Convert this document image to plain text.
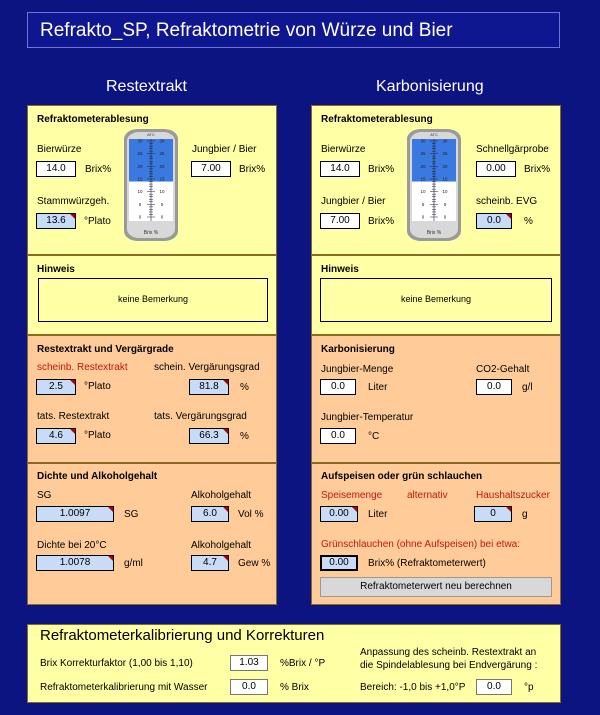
Refrakto_SP, Refraktometrie von Würze und Bier
Restextrakt	Karbonisierung
Refraktometerablesung
Bierwürze
14.0	Brix%
Jungbier / Bier
7.00	Brix%
Stammwürzgeh.
13.6	°Plato
30	30
25	25
20	20
15	15
10	10
5	5
0	0
ATC
Brix %
Hinweis
keine Bemerkung
Restextrakt und Vergärgrade
scheinb. Restextrakt
2.5	°Plato
schein. Vergärungsgrad
81.8	%
tats. Restextrakt
4.6	°Plato
tats. Vergärungsgrad
66.3	%
Dichte und Alkoholgehalt
SG
1.0097	SG
Alkoholgehalt
6.0	Vol %
Dichte bei 20°C
1.0078	g/ml
Alkoholgehalt
4.7	Gew %
Refraktometerablesung
Bierwürze
14.0	Brix%
Schnellgärprobe
0.00	Brix%
Jungbier / Bier
7.00	Brix%
scheinb. EVG
0.0	%
30	30
25	25
20	20
15	15
10	10
5	5
0	0
ATC
Brix %
Hinweis
keine Bemerkung
Karbonisierung
Jungbier-Menge
0.0	Liter
CO2-Gehalt
0.0	g/l
Jungbier-Temperatur
0.0	°C
Aufspeisen oder grün schlauchen
Speisemenge alternativ	Haushaltszucker
0.00	Liter	0	g
Grünschlauchen (ohne Aufspeisen) bei etwa:
0.00	Brix% (Refraktometerwert)
Refraktometerwert neu berechnen
Refraktometerkalibrierung und Korrekturen
Brix Korrekturfaktor (1,00 bis 1,10)	1.03	%Brix / °P
Refraktometerkalibrierung mit Wasser	0.0	% Brix
Anpassung des scheinb. Restextrakt an
die Spindelablesung bei Endvergärung :
Bereich: -1,0 bis +1,0°P	0.0	°p
